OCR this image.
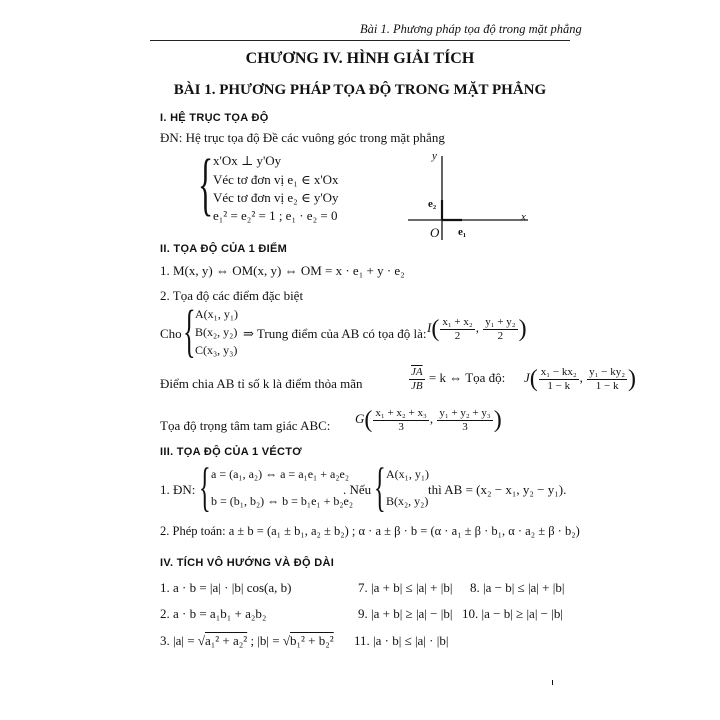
Bài 1. Phương pháp tọa độ trong mặt phẳng
CHƯƠNG IV. HÌNH GIẢI TÍCH
BÀI 1. PHƯƠNG PHÁP TỌA ĐỘ TRONG MẶT PHẲNG
I. HỆ TRỤC TỌA ĐỘ
ĐN: Hệ trục tọa độ Đề các vuông góc trong mặt phẳng
{ x'Ox ⊥ y'Oy
Véc tơ đơn vị e₁ ∈ x'Ox
Véc tơ đơn vị e₂ ∈ y'Oy
e₁² = e₂² = 1 ; e₁ · e₂ = 0
y
x
O
e₂
e₁
II. TỌA ĐỘ CỦA 1 ĐIỂM
1. M(x, y) ⇔ OM(x, y) ⇔ OM = x · e₁ + y · e₂
2. Tọa độ các điểm đặc biệt
Cho { A(x₁, y₁)
B(x₂, y₂)
C(x₃, y₃)
⇒ Trung điểm của AB có tọa độ là: $I( \frac{\text{x₁ + x₂}}{2}$ , $\frac{\text{y₁ + y₂}}{2}$ )
Điểm chia AB tỉ số k là điểm thỏa mãn	$\frac{\overline{JA}}{JB} = k$ ⇔ Tọa độ: $J( \frac{\text{x₁ − kx₂}}{1 - k}$ , $\frac{\text{y₁ − ky₂}}{1 - k}$ )
Tọa độ trọng tâm tam giác ABC: $G( \frac{\text{x₁ + x₂ + x₃}}{3}$ , $\frac{\text{y₁ + y₂ + y₃}}{3}$ )
III. TỌA ĐỘ CỦA 1 VÉCTƠ
1. ĐN: { a = (a₁, a₂) ⇔ a = a₁e₁ + a₂e₂
b = (b₁, b₂) ⇔ b = b₁e₁ + b₂e₂
. Nếu { A(x₁, y₁)
B(x₂, y₂)
thì AB = (x₂ − x₁, y₂ − y₁).
2. Phép toán: a ± b = (a₁ ± b₁, a₂ ± b₂) ; α · a ± β · b = (α · a₁ ± β · b₁, α · a₂ ± β · b₂)
IV. TÍCH VÔ HƯỚNG VÀ ĐỘ DÀI
1. a · b = |a| · |b| cos(a, b)
2. a · b = a₁b₁ + a₂b₂
3. |a| = √a₁² + a₂² ; |b| = √b₁² + b₂²
7. |a + b| ≤ |a| + |b| 8. |a − b| ≤ |a| + |b|
9. |a + b| ≥ |a| − |b| 10. |a − b| ≥ |a| − |b|
11. |a · b| ≤ |a| · |b|
